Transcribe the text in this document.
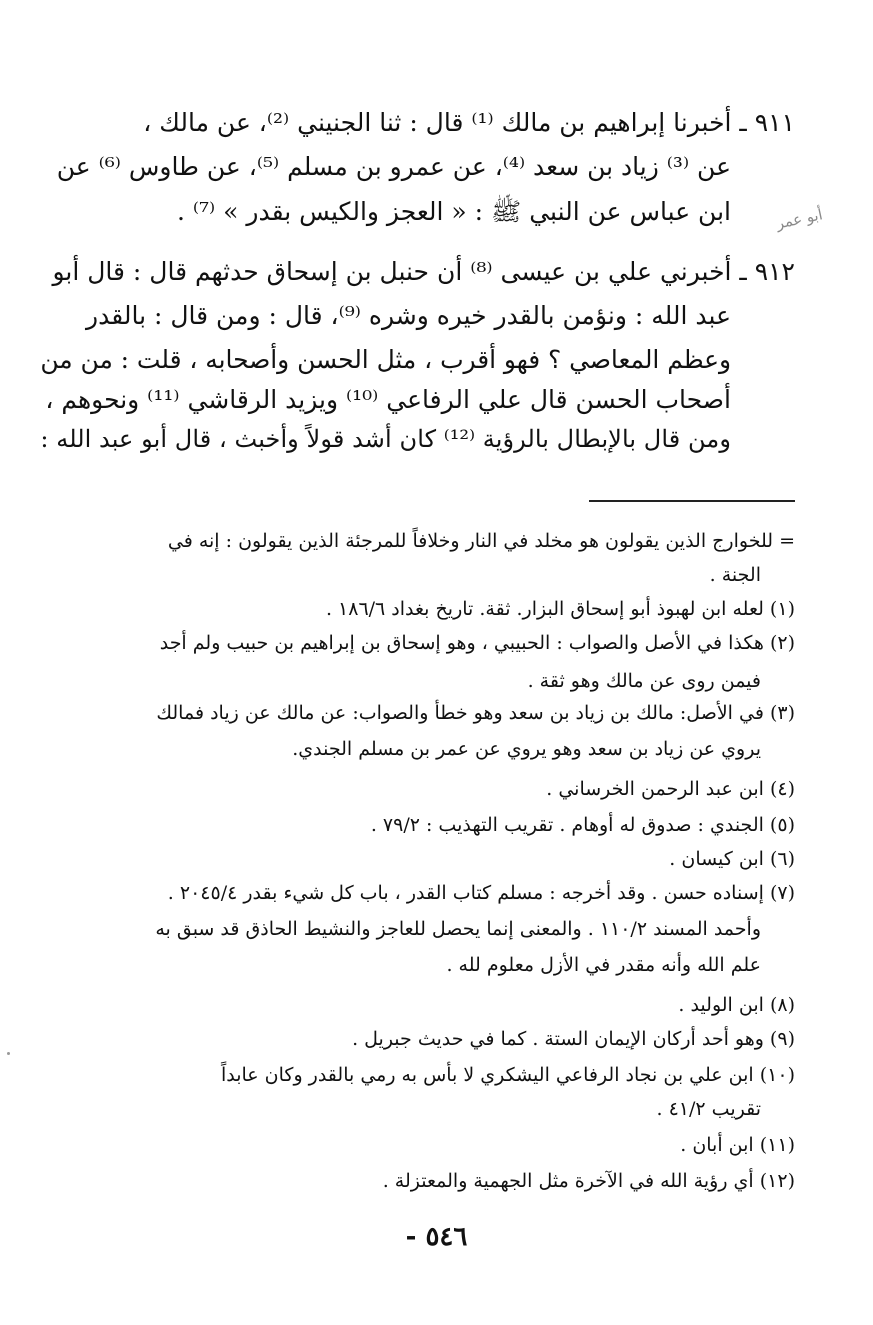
٩١١ ـ أخبرنا إبراهيم بن مالك ⁽¹⁾ قال : ثنا الجنيني ⁽²⁾، عن مالك ،
عن ⁽³⁾ زياد بن سعد ⁽⁴⁾، عن عمرو بن مسلم ⁽⁵⁾، عن طاوس ⁽⁶⁾ عن
ابن عباس عن النبي ﷺ : « العجز والكيس بقدر » ⁽⁷⁾ .	أبو عمر
٩١٢ ـ أخبرني علي بن عيسى ⁽⁸⁾ أن حنبل بن إسحاق حدثهم قال : قال أبو
عبد الله : ونؤمن بالقدر خيره وشره ⁽⁹⁾، قال : ومن قال : بالقدر
وعظم المعاصي ؟ فهو أقرب ، مثل الحسن وأصحابه ، قلت : من من
أصحاب الحسن قال علي الرفاعي ⁽¹⁰⁾ ويزيد الرقاشي ⁽¹¹⁾ ونحوهم ،
ومن قال بالإبطال بالرؤية ⁽¹²⁾ كان أشد قولاً وأخبث ، قال أبو عبد الله :
= للخوارج الذين يقولون هو مخلد في النار وخلافاً للمرجئة الذين يقولون : إنه في
الجنة .
(١) لعله ابن لهبوذ أبو إسحاق البزار. ثقة. تاريخ بغداد ١٨٦/٦ .
(٢) هكذا في الأصل والصواب : الحبيبي ، وهو إسحاق بن إبراهيم بن حبيب ولم أجد
فيمن روى عن مالك وهو ثقة .
(٣) في الأصل: مالك بن زياد بن سعد وهو خطأ والصواب: عن مالك عن زياد فمالك
يروي عن زياد بن سعد وهو يروي عن عمر بن مسلم الجندي.
(٤) ابن عبد الرحمن الخرساني .
(٥) الجندي : صدوق له أوهام . تقريب التهذيب : ٧٩/٢ .
(٦) ابن كيسان .
(٧) إسناده حسن . وقد أخرجه : مسلم كتاب القدر ، باب كل شيء بقدر ٢٠٤٥/٤ .
وأحمد المسند ١١٠/٢ . والمعنى إنما يحصل للعاجز والنشيط الحاذق قد سبق به
علم الله وأنه مقدر في الأزل معلوم لله .
(٨) ابن الوليد .
(٩) وهو أحد أركان الإيمان الستة . كما في حديث جبريل .
(١٠) ابن علي بن نجاد الرفاعي اليشكري لا بأس به رمي بالقدر وكان عابداً
تقريب ٤١/٢ .
(١١) ابن أبان .
(١٢) أي رؤية الله في الآخرة مثل الجهمية والمعتزلة .
- ٥٤٦
